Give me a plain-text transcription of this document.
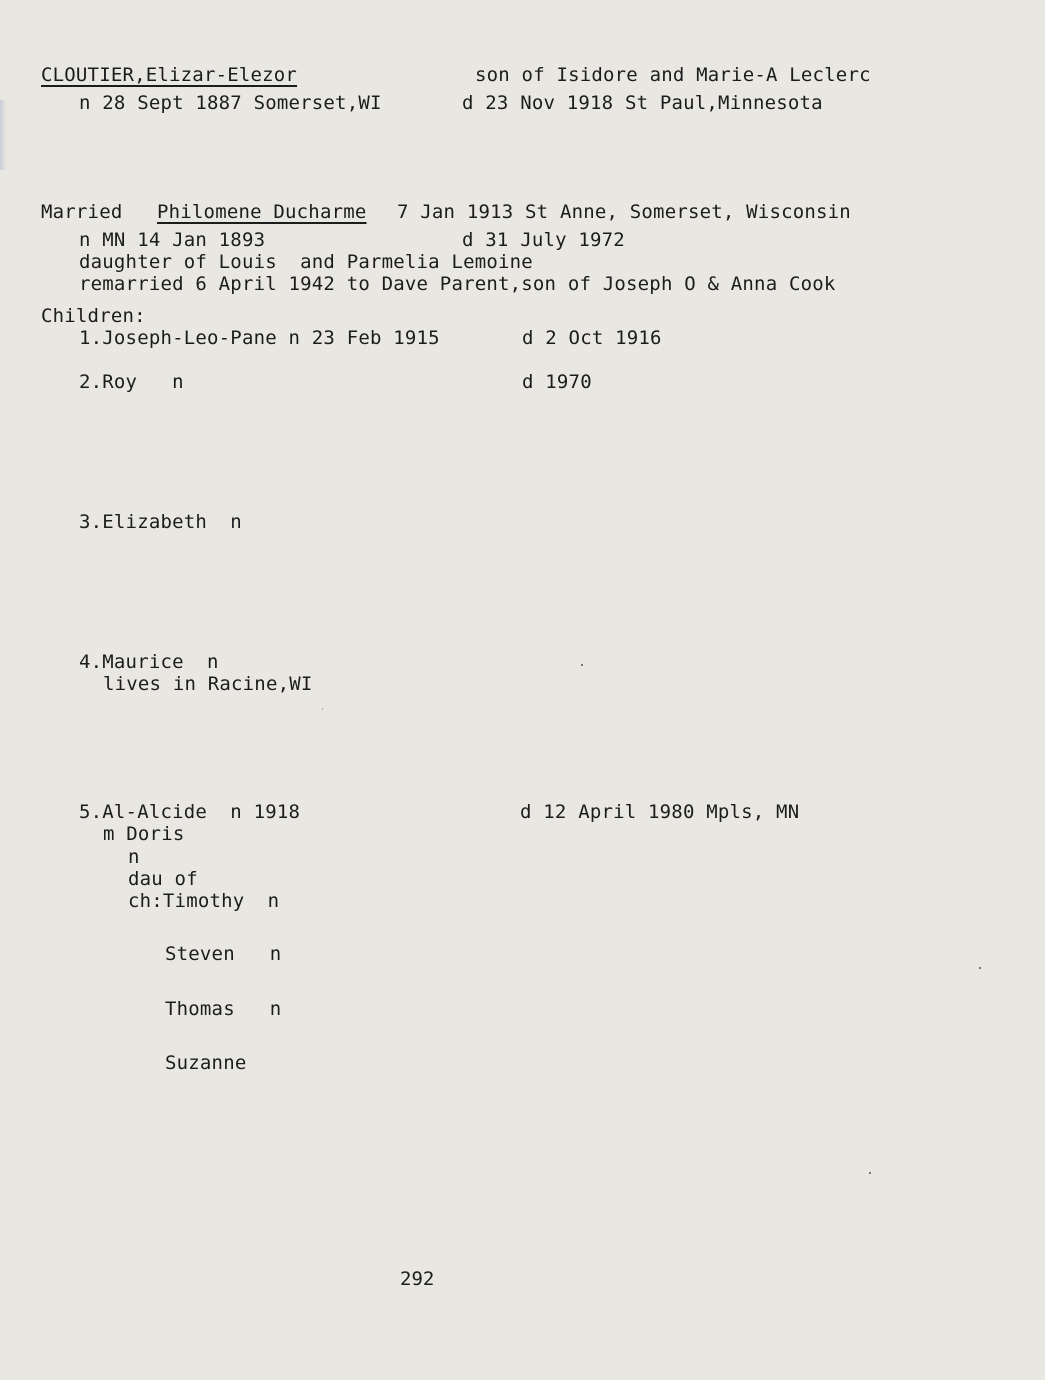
CLOUTIER,Elizar-Elezor	son of Isidore and Marie-A Leclerc
n 28 Sept 1887 Somerset,WI	d 23 Nov 1918 St Paul,Minnesota
Married Philomene Ducharme 7 Jan 1913 St Anne, Somerset, Wisconsin
n MN 14 Jan 1893	d 31 July 1972
daughter of Louis  and Parmelia Lemoine
remarried 6 April 1942 to Dave Parent,son of Joseph O & Anna Cook
Children:
1.Joseph-Leo-Pane n 23 Feb 1915	d 2 Oct 1916
2.Roy   n	d 1970
3.Elizabeth  n
4.Maurice  n
lives in Racine,WI
5.Al-Alcide  n 1918	d 12 April 1980 Mpls, MN
m Doris
n
dau of
ch:Timothy  n
Steven   n
Thomas   n
Suzanne
292
